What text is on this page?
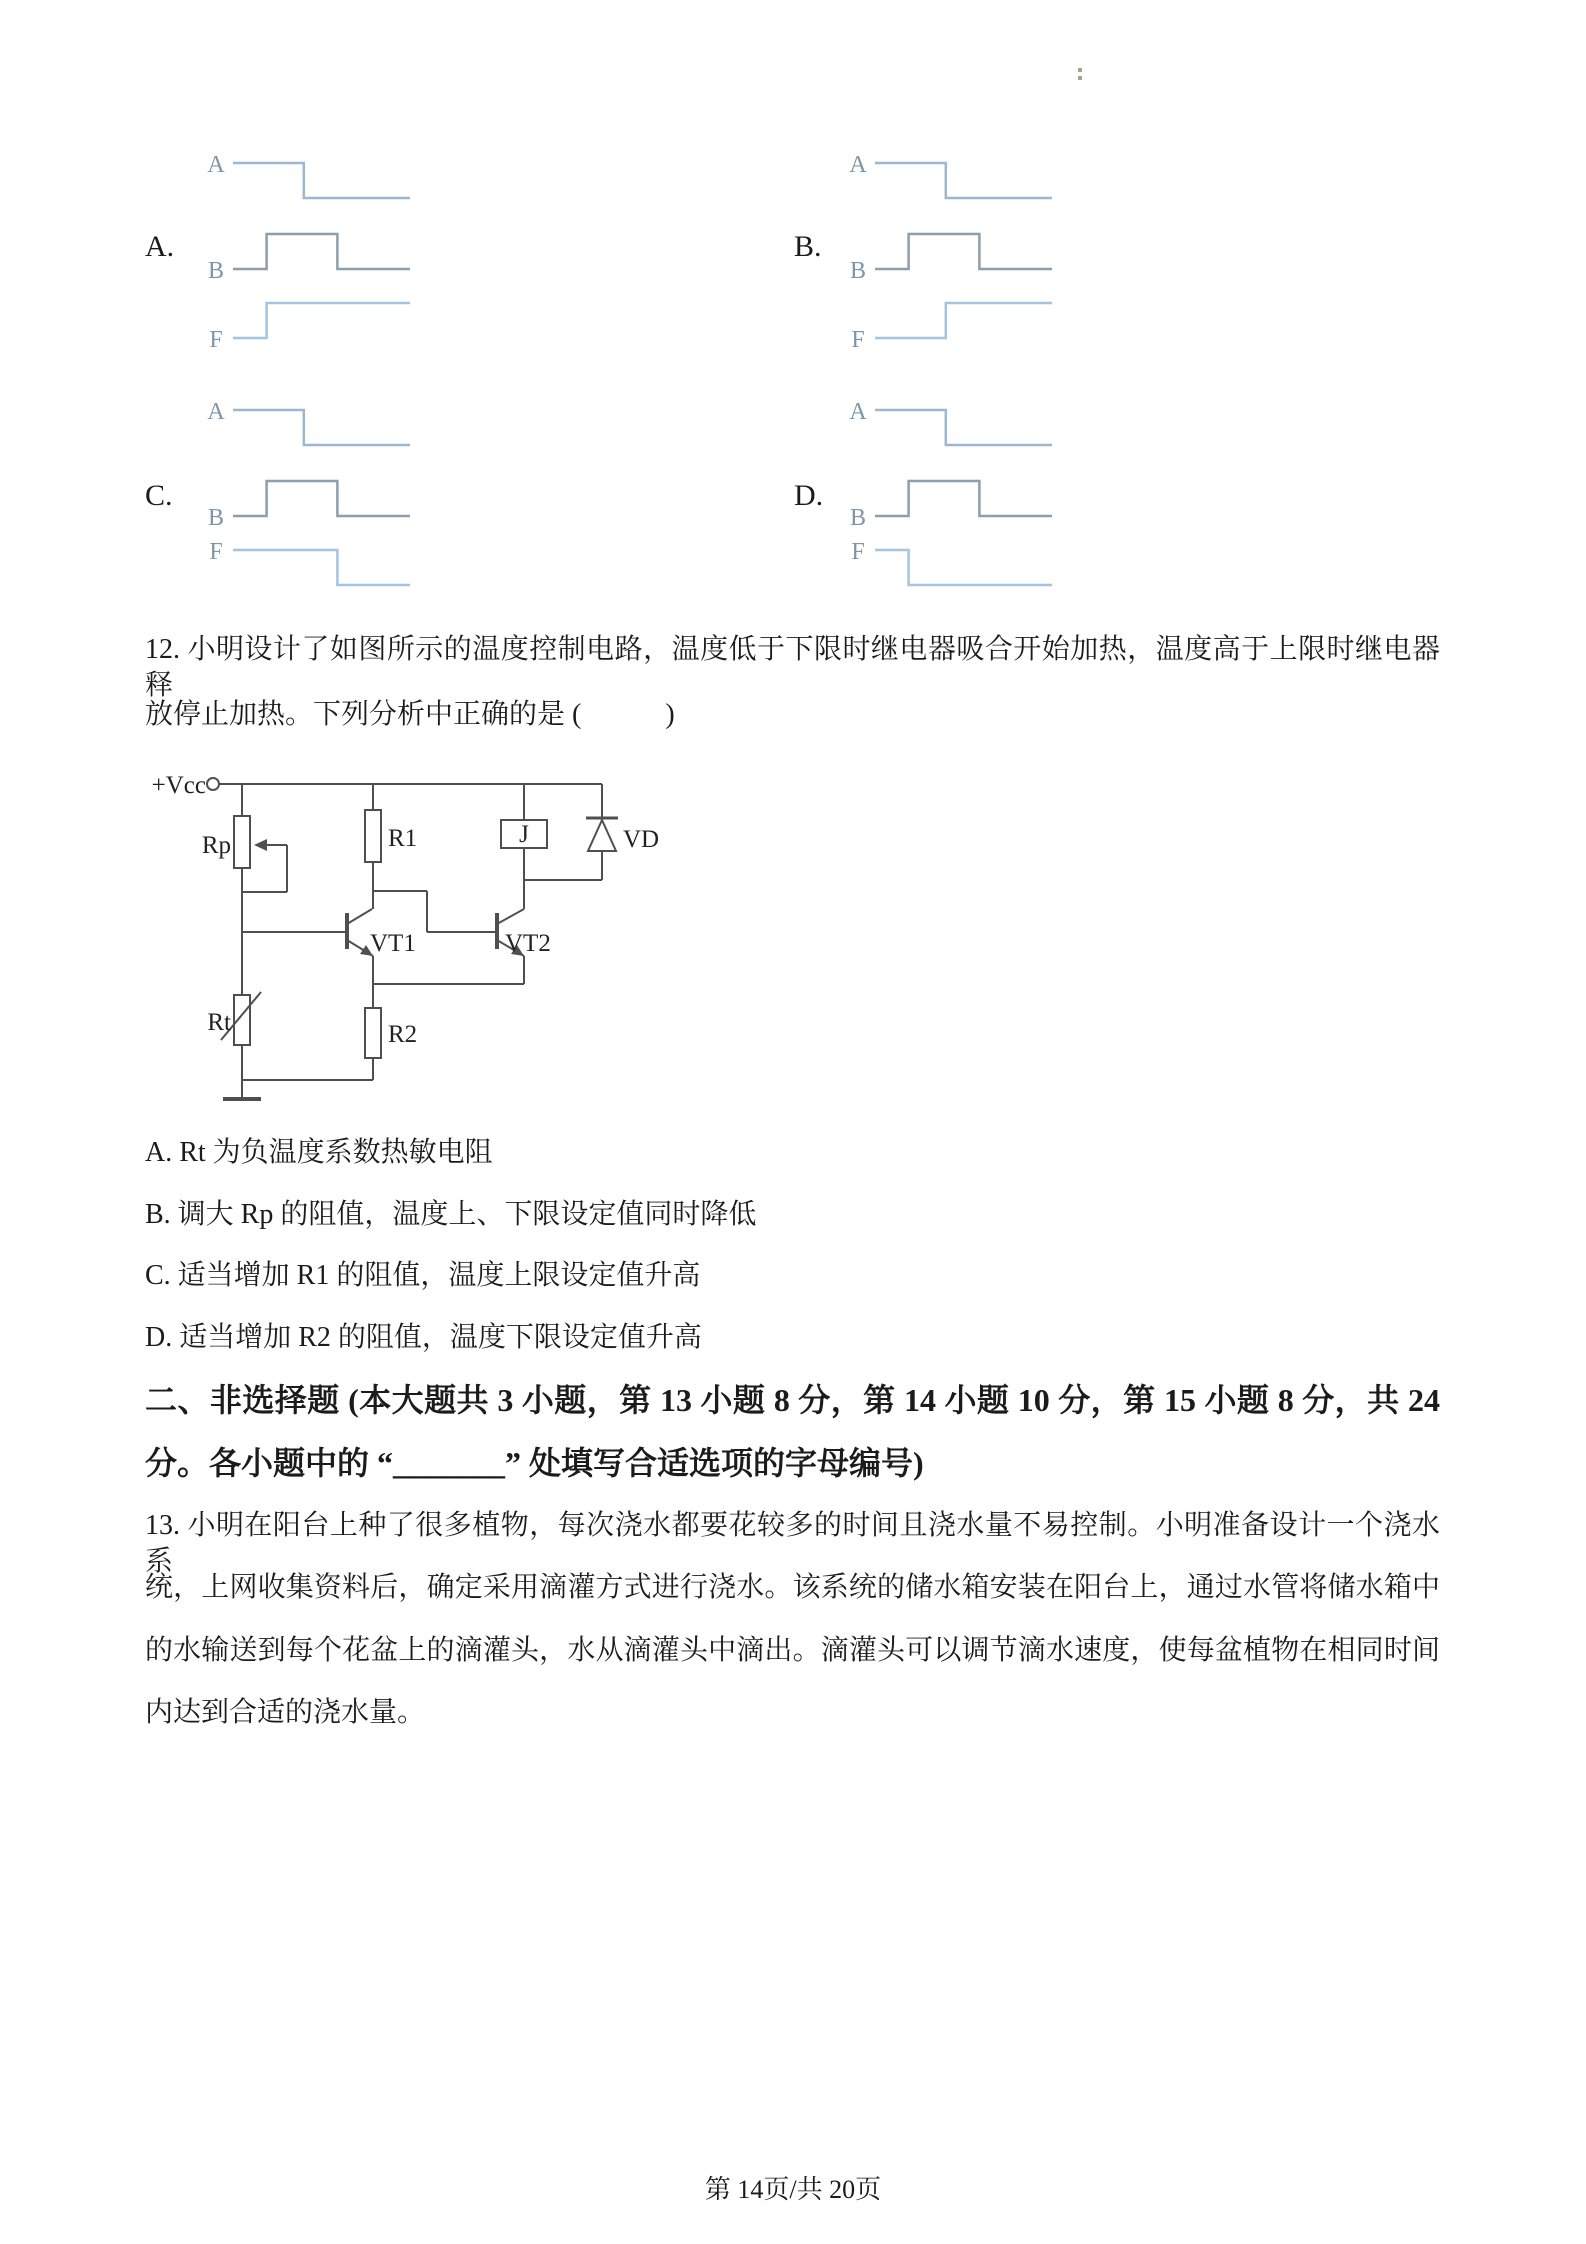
A.	B.
C.	D.
A
B
F
A
B
F
A
B
F
A
B
F
12. 小明设计了如图所示的温度控制电路，温度低于下限时继电器吸合开始加热，温度高于上限时继电器释
放停止加热。下列分析中正确的是 (　　　)
+Vcc
Rp
Rt
R1
R2
VT1	VT2
J	VD
A. Rt 为负温度系数热敏电阻
B. 调大 Rp 的阻值，温度上、下限设定值同时降低
C. 适当增加 R1 的阻值，温度上限设定值升高
D. 适当增加 R2 的阻值，温度下限设定值升高
二、非选择题 (本大题共 3 小题，第 13 小题 8 分，第 14 小题 10 分，第 15 小题 8 分，共 24
分。各小题中的 “_______” 处填写合适选项的字母编号)
13. 小明在阳台上种了很多植物，每次浇水都要花较多的时间且浇水量不易控制。小明准备设计一个浇水系
统，上网收集资料后，确定采用滴灌方式进行浇水。该系统的储水箱安装在阳台上，通过水管将储水箱中
的水输送到每个花盆上的滴灌头，水从滴灌头中滴出。滴灌头可以调节滴水速度，使每盆植物在相同时间
内达到合适的浇水量。
第 14页/共 20页
